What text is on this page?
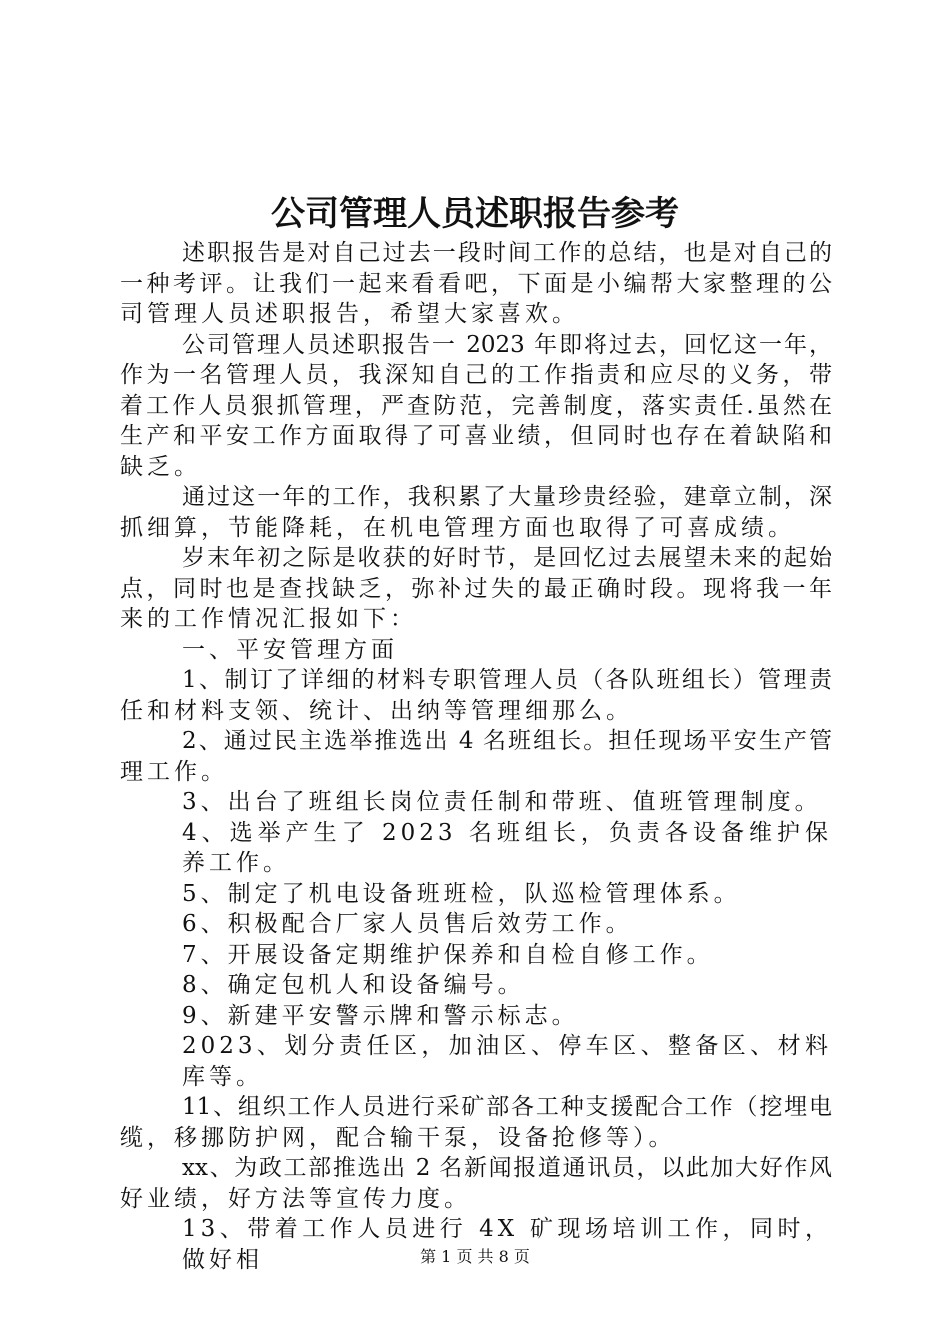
公司管理人员述职报告参考
述职报告是对自己过去一段时间工作的总结，也是对自己的
一种考评。让我们一起来看看吧，下面是小编帮大家整理的公
司管理人员述职报告，希望大家喜欢。
公司管理人员述职报告一 2023 年即将过去，回忆这一年，
作为一名管理人员，我深知自己的工作指责和应尽的义务，带
着工作人员狠抓管理，严查防范，完善制度，落实责任.虽然在
生产和平安工作方面取得了可喜业绩，但同时也存在着缺陷和
缺乏。
通过这一年的工作，我积累了大量珍贵经验，建章立制，深
抓细算，节能降耗，在机电管理方面也取得了可喜成绩。
岁末年初之际是收获的好时节，是回忆过去展望未来的起始
点，同时也是查找缺乏，弥补过失的最正确时段。现将我一年
来的工作情况汇报如下：
一、平安管理方面
1、制订了详细的材料专职管理人员（各队班组长）管理责
任和材料支领、统计、出纳等管理细那么。
2、通过民主选举推选出 4 名班组长。担任现场平安生产管
理工作。
3、出台了班组长岗位责任制和带班、值班管理制度。
4、选举产生了 2023 名班组长，负责各设备维护保养工作。
5、制定了机电设备班班检，队巡检管理体系。
6、积极配合厂家人员售后效劳工作。
7、开展设备定期维护保养和自检自修工作。
8、确定包机人和设备编号。
9、新建平安警示牌和警示标志。
2023、划分责任区，加油区、停车区、整备区、材料库等。
11、组织工作人员进行采矿部各工种支援配合工作（挖埋电
缆，移挪防护网，配合输干泵，设备抢修等）。
xx、为政工部推选出 2 名新闻报道通讯员，以此加大好作风
好业绩，好方法等宣传力度。
13、带着工作人员进行 4X 矿现场培训工作，同时，做好相	第 1 页 共 8 页
